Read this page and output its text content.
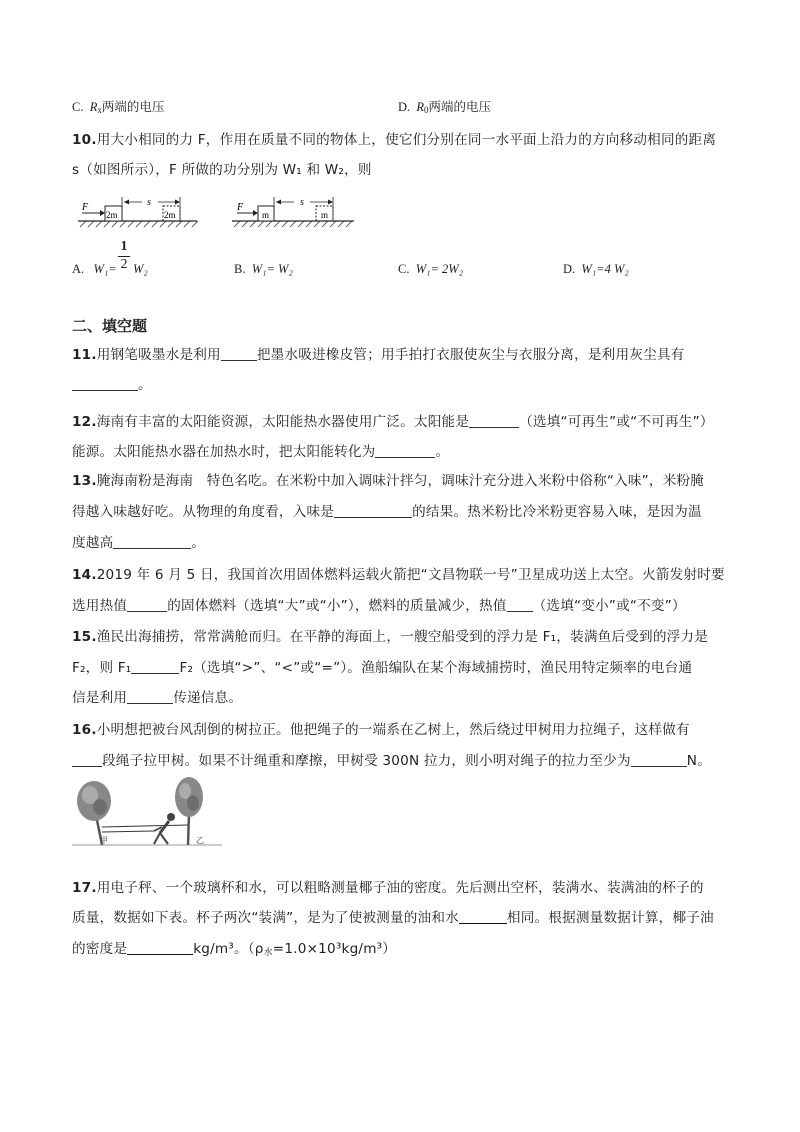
C. $R_x$两端的电压	D. $R_0$两端的电压
10.用大小相同的力 F，作用在质量不同的物体上，使它们分别在同一水平面上沿力的方向移动相同的距离
s（如图所示），F 所做的功分别为 W₁ 和 W₂，则
F
2m
s
2m
F
m
s
m
A. W₁=
1
2 W₂	B. W₁= W₂	C. W₁= 2W₂	D. W₁=4 W₂
二、填空题
11.用钢笔吸墨水是利用	把墨水吸进橡皮管；用手拍打衣服使灰尘与衣服分离，是利用灰尘具有
。
12.海南有丰富的太阳能资源，太阳能热水器使用广泛。太阳能是	（选填“可再生”或“不可再生”）
能源。太阳能热水器在加热水时，把太阳能转化为	。
13.腌海南粉是海南   特色名吃。在米粉中加入调味汁拌匀，调味汁充分进入米粉中俗称“入味”，米粉腌
得越入味越好吃。从物理的角度看，入味是	的结果。热米粉比冷米粉更容易入味，是因为温
度越高	。
14.2019 年 6 月 5 日，我国首次用固体燃料运载火箭把“文昌物联一号”卫星成功送上太空。火箭发射时要
选用热值	的固体燃料（选填“大”或“小”），燃料的质量减少，热值 （选填“变小”或“不变”）
15.渔民出海捕捞，常常满舱而归。在平静的海面上，一艘空船受到的浮力是 F₁，装满鱼后受到的浮力是
F₂，则 F₁	F₂（选填“>”、“<”或“=”）。渔船编队在某个海域捕捞时，渔民用特定频率的电台通
信是利用	传递信息。
16.小明想把被台风刮倒的树拉正。他把绳子的一端系在乙树上，然后绕过甲树用力拉绳子，这样做有
段绳子拉甲树。如果不计绳重和摩擦，甲树受 300N 拉力，则小明对绳子的拉力至少为	N。
甲	乙
17.用电子秤、一个玻璃杯和水，可以粗略测量椰子油的密度。先后测出空杯，装满水、装满油的杯子的
质量，数据如下表。杯子两次“装满”，是为了使被测量的油和水	相同。根据测量数据计算，椰子油
的密度是	kg/m³。$(\rho_水=1.0\times 10^3kg/m^3)$
